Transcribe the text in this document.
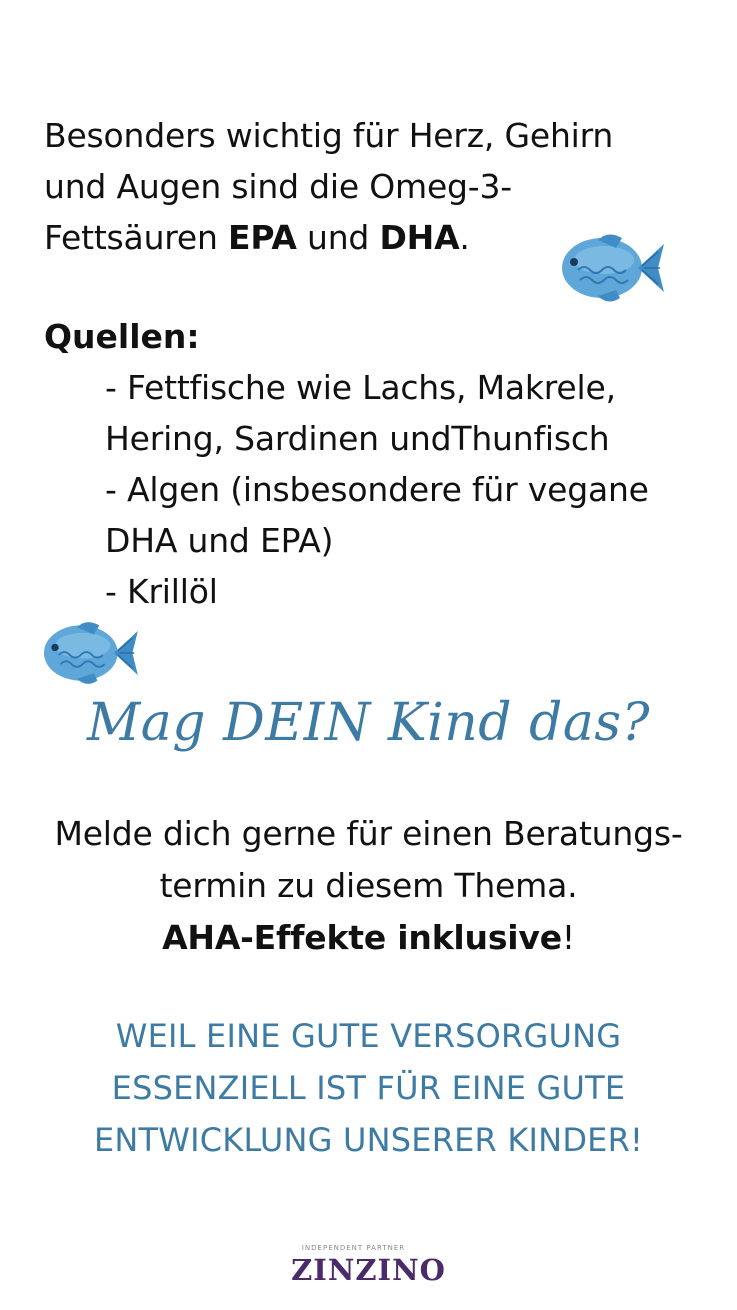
Besonders wichtig für Herz, Gehirn
und Augen sind die Omeg-3-
Fettsäuren EPA und DHA.
Quellen:
- Fettfische wie Lachs, Makrele,
Hering, Sardinen undThunfisch
- Algen (insbesondere für vegane
DHA und EPA)
- Krillöl
Mag DEIN Kind das?
Melde dich gerne für einen Beratungs-
termin zu diesem Thema.
AHA-Effekte inklusive!
WEIL EINE GUTE VERSORGUNG
ESSENZIELL IST FÜR EINE GUTE
ENTWICKLUNG UNSERER KINDER!
INDEPENDENT PARTNER
ZINZINO
